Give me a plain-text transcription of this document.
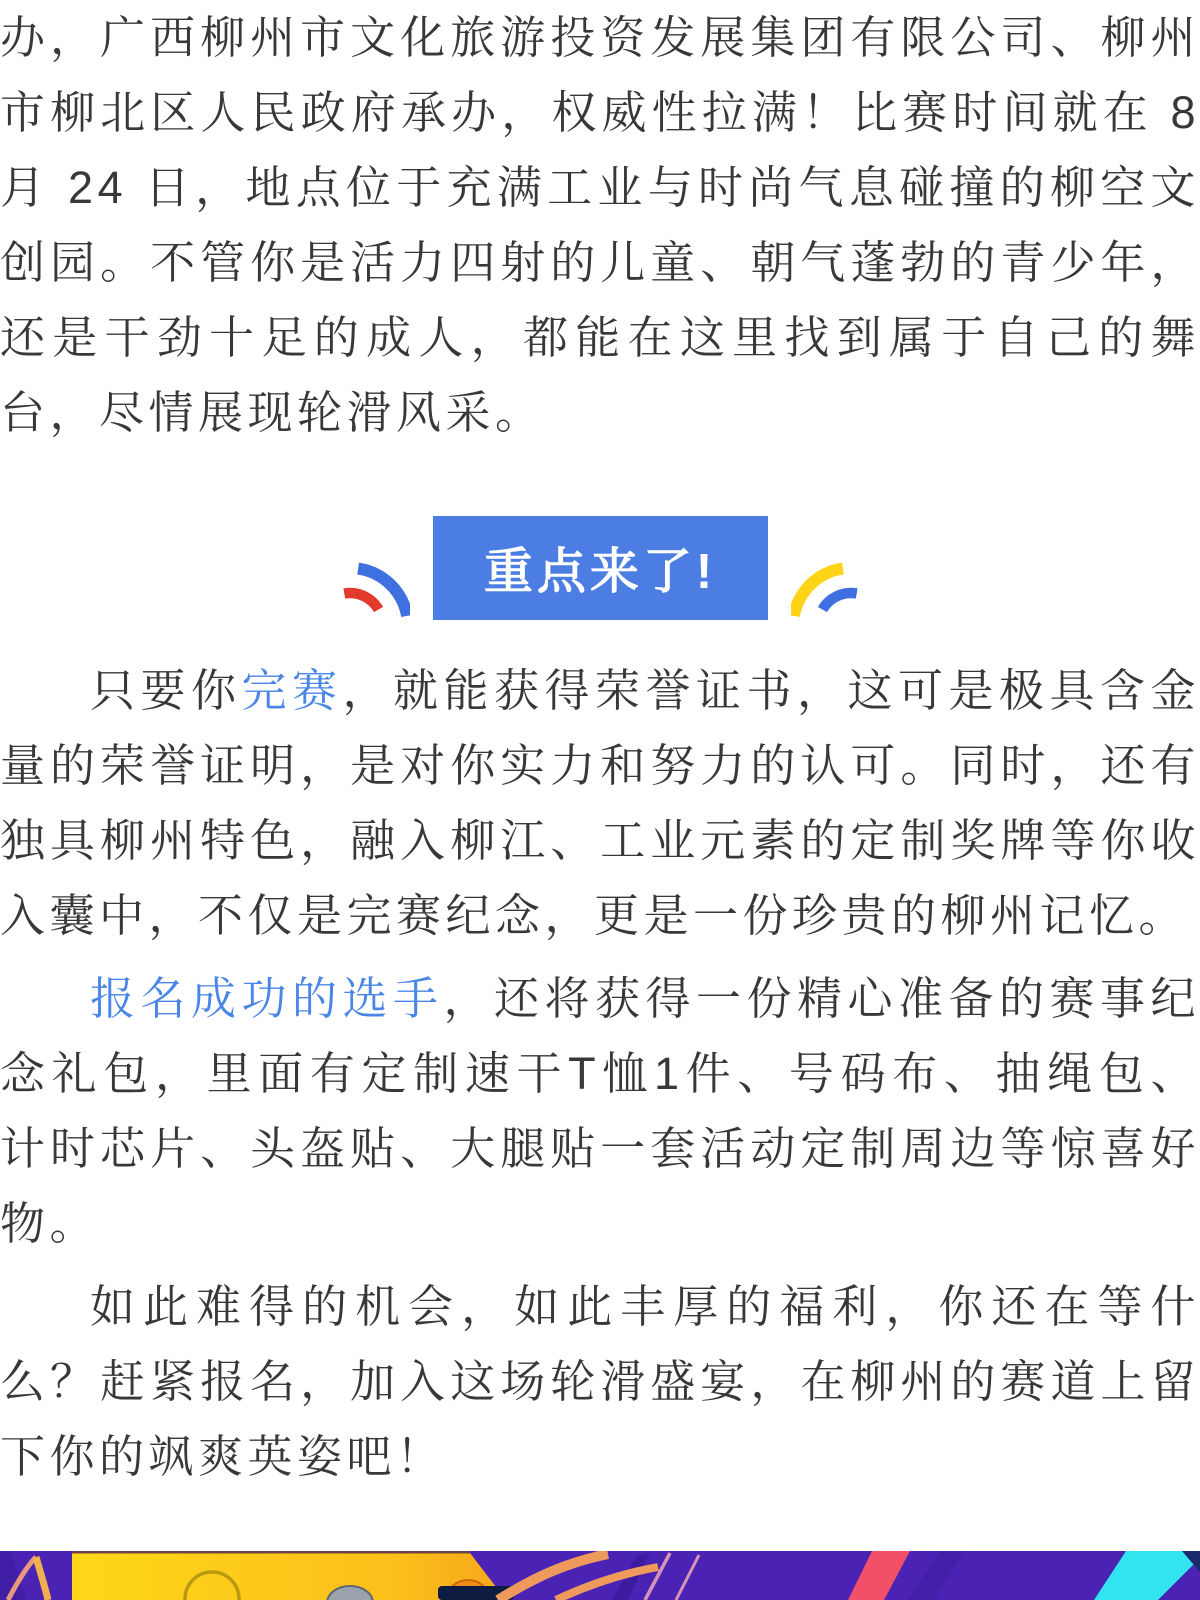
办，广西柳州市文化旅游投资发展集团有限公司、柳州市柳北区人民政府承办，权威性拉满！比赛时间就在 8 月 24 日，地点位于充满工业与时尚气息碰撞的柳空文创园。不管你是活力四射的儿童、朝气蓬勃的青少年，还是干劲十足的成人，都能在这里找到属于自己的舞台，尽情展现轮滑风采。

重点来了!

只要你完赛，就能获得荣誉证书，这可是极具含金量的荣誉证明，是对你实力和努力的认可。同时，还有独具柳州特色，融入柳江、工业元素的定制奖牌等你收入囊中，不仅是完赛纪念，更是一份珍贵的柳州记忆。

报名成功的选手，还将获得一份精心准备的赛事纪念礼包，里面有定制速干T恤1件、号码布、抽绳包、计时芯片、头盔贴、大腿贴一套活动定制周边等惊喜好物。

如此难得的机会，如此丰厚的福利，你还在等什么？赶紧报名，加入这场轮滑盛宴，在柳州的赛道上留下你的飒爽英姿吧！
